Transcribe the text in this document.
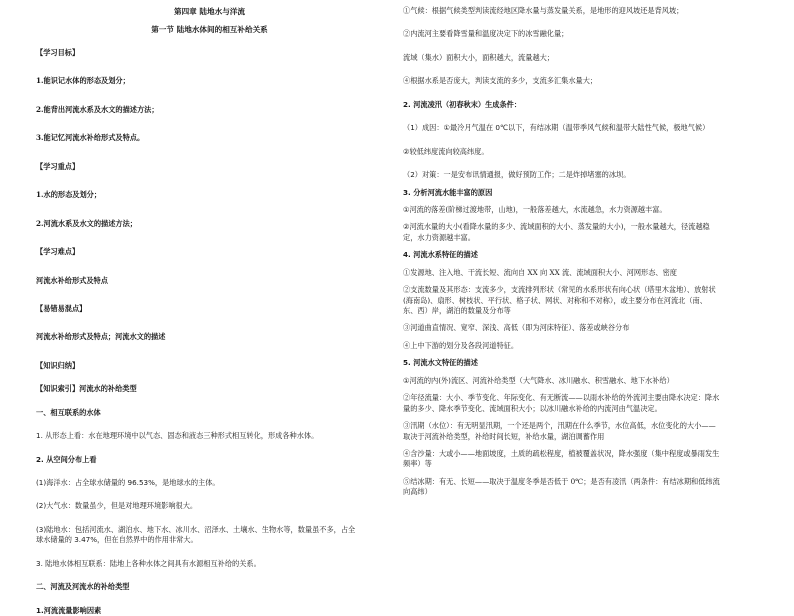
第四章 陆地水与洋流

第一节 陆地水体间的相互补给关系

【学习目标】

1.能识记水体的形态及划分；

2.能背出河流水系及水文的描述方法；

3.能记忆河流水补给形式及特点。

【学习重点】

1.水的形态及划分；

2.河流水系及水文的描述方法；

【学习难点】

河流水补给形式及特点

【易错易混点】

河流水补给形式及特点；河流水文的描述

【知识归纳】

【知识索引】河流水的补给类型

一、相互联系的水体

1. 从形态上看：水在地理环境中以气态、固态和液态三种形式相互转化，形成各种水体。

2. 从空间分布上看

(1)海洋水：占全球水储量的 96.53%，是地球水的主体。

(2)大气水：数量虽少，但是对地理环境影响很大。

(3)陆地水：包括河流水、湖泊水、地下水、冰川水、沼泽水、土壤水、生物水等，数量虽不多，占全

球水储量的 3.47%，但在自然界中的作用非常大。

3. 陆地水体相互联系：陆地上各种水体之间具有水源相互补给的关系。

二、河流及河流水的补给类型

1.河流流量影响因素

①气候：根据气候类型判读流经地区降水量与蒸发量关系，是地形的迎风坡还是背风坡；

②内流河主要看降雪量和温度决定下的冰雪融化量；

流域（集水）面积大小，面积越大，流量越大；

④根据水系是否庞大，判读支流的多少，支流多汇集水量大；

2. 河流凌汛（初春秋末）生成条件：

（1）成因：①最冷月气温在 0℃以下，有结冰期（温带季风气候和温带大陆性气候，极地气候）

②较低纬度流向较高纬度。

（2）对策：一是安布讯情通报，做好预防工作；二是炸掉堵塞的冰坝。

3. 分析河流水能丰富的原因

①河流的落差(阶梯过渡地带，山地)，一般落差越大，水流越急，水力资源越丰富。

②河流水量的大小(看降水量的多少、流域面积的大小、蒸发量的大小)，一般水量越大，径流越稳

定，水力资源越丰富。

4. 河流水系特征的描述

①发源地、注入地、干流长短、流向自 XX 向 XX 流、流域面积大小、河网形态、密度

②支流数量及其形态：支流多少，支流排列形状（常见的水系形状有向心状（塔里木盆地）、放射状

(海南岛)、扇形、树枝状、平行状、格子状、网状、对称和不对称），或主要分布在河流北（南、

东、西）岸，湖泊的数量及分布等

③河道曲直情况、宽窄、深浅、高低（即为河床特征）、落差或峡谷分布

④上中下游的划分及各段河道特征。

5. 河流水文特征的描述

①河流的内(外)流区、河流补给类型（大气降水、冰川融水、积雪融水、地下水补给）

②年径流量：大小、季节变化、年际变化、有无断流——以雨水补给的外流河主要由降水决定：降水

量的多少、降水季节变化、流域面积大小；以冰川融水补给的内流河由气温决定。

③汛期（水位）：有无明显汛期，一个还是两个，汛期在什么季节，水位高低，水位变化的大小——

取决于河流补给类型，补给时间长短，补给水量，湖泊调蓄作用

④含沙量：大或小——地面坡度，土质的疏松程度，植被覆盖状况，降水强度（集中程度或暴雨发生

频率）等

⑤结冰期：有无、长短——取决于温度冬季是否低于 0℃；是否有凌汛（两条件：有结冰期和低纬流

向高纬）
